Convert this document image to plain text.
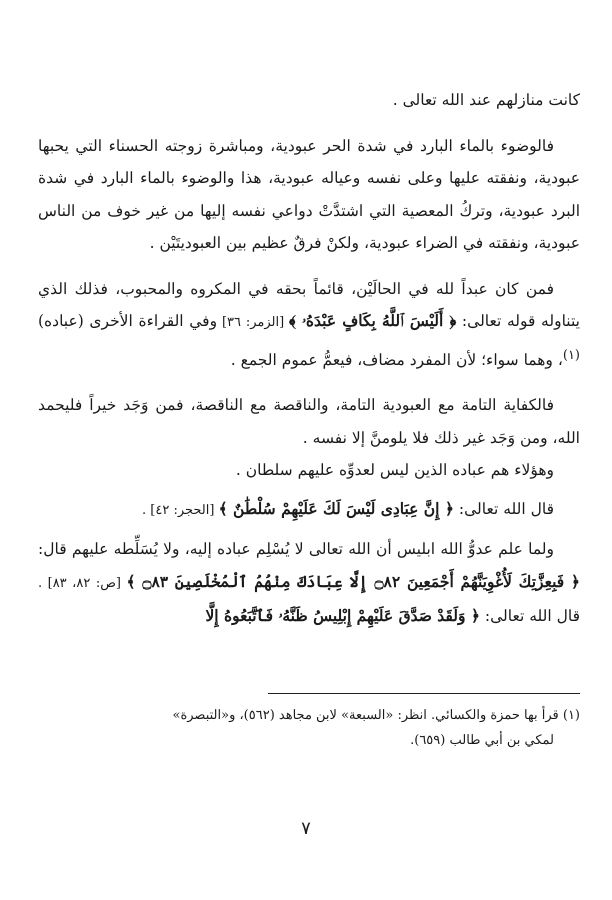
كانت منازلهم عند الله تعالى .

فالوضوء بالماء البارد في شدة الحر عبودية، ومباشرة زوجته الحسناء التي يحبها عبودية، ونفقته عليها وعلى نفسه وعياله عبودية، هذا والوضوء بالماء البارد في شدة البرد عبودية، وتركُ المعصية التي اشتدَّتْ دواعي نفسه إليها من غير خوف من الناس عبودية، ونفقته في الضراء عبودية، ولكنْ فرقٌ عظيم بين العبوديتَيْن .

فمن كان عبداً لله في الحالَيْن، قائماً بحقه في المكروه والمحبوب، فذلك الذي يتناوله قوله تعالى: ﴿ أَلَيْسَ ٱللَّهُ بِكَافٍ عَبْدَهُۥ ﴾ [الزمر: ٣٦] وفي القراءة الأخرى (عباده)$^{(١)}$، وهما سواء؛ لأن المفرد مضاف، فيعمُّ عموم الجمع .

فالكفاية التامة مع العبودية التامة، والناقصة مع الناقصة، فمن وَجَد خيراً فليحمد الله، ومن وَجَد غير ذلك فلا يلومنَّ إلا نفسه .

وهؤلاء هم عباده الذين ليس لعدوِّه عليهم سلطان .

قال الله تعالى: ﴿ إِنَّ عِبَادِى لَيْسَ لَكَ عَلَيْهِمْ سُلْطَٰنٌ ﴾ [الحجر: ٤٢] .

ولما علم عدوُّ الله ابليس أن الله تعالى لا يُسْلِم عباده إليه، ولا يُسَلِّطه عليهم قال: ﴿ فَبِعِزَّتِكَ لَأُغْوِيَنَّهُمْ أَجْمَعِينَ ۝٨٢ إِلَّا عِبَادَكَ مِنْهُمُ ٱلْمُخْلَصِينَ ۝٨٣ ﴾ [ص: ٨٢، ٨٣] . قال الله تعالى: ﴿ وَلَقَدْ صَدَّقَ عَلَيْهِمْ إِبْلِيسُ ظَنَّهُۥ فَٱتَّبَعُوهُ إِلَّا

(١) قرأ بها حمزة والكسائي. انظر: «السبعة» لابن مجاهد (٥٦٢)، و«التبصرة»

لمكي بن أبي طالب (٦٥٩).

٧
